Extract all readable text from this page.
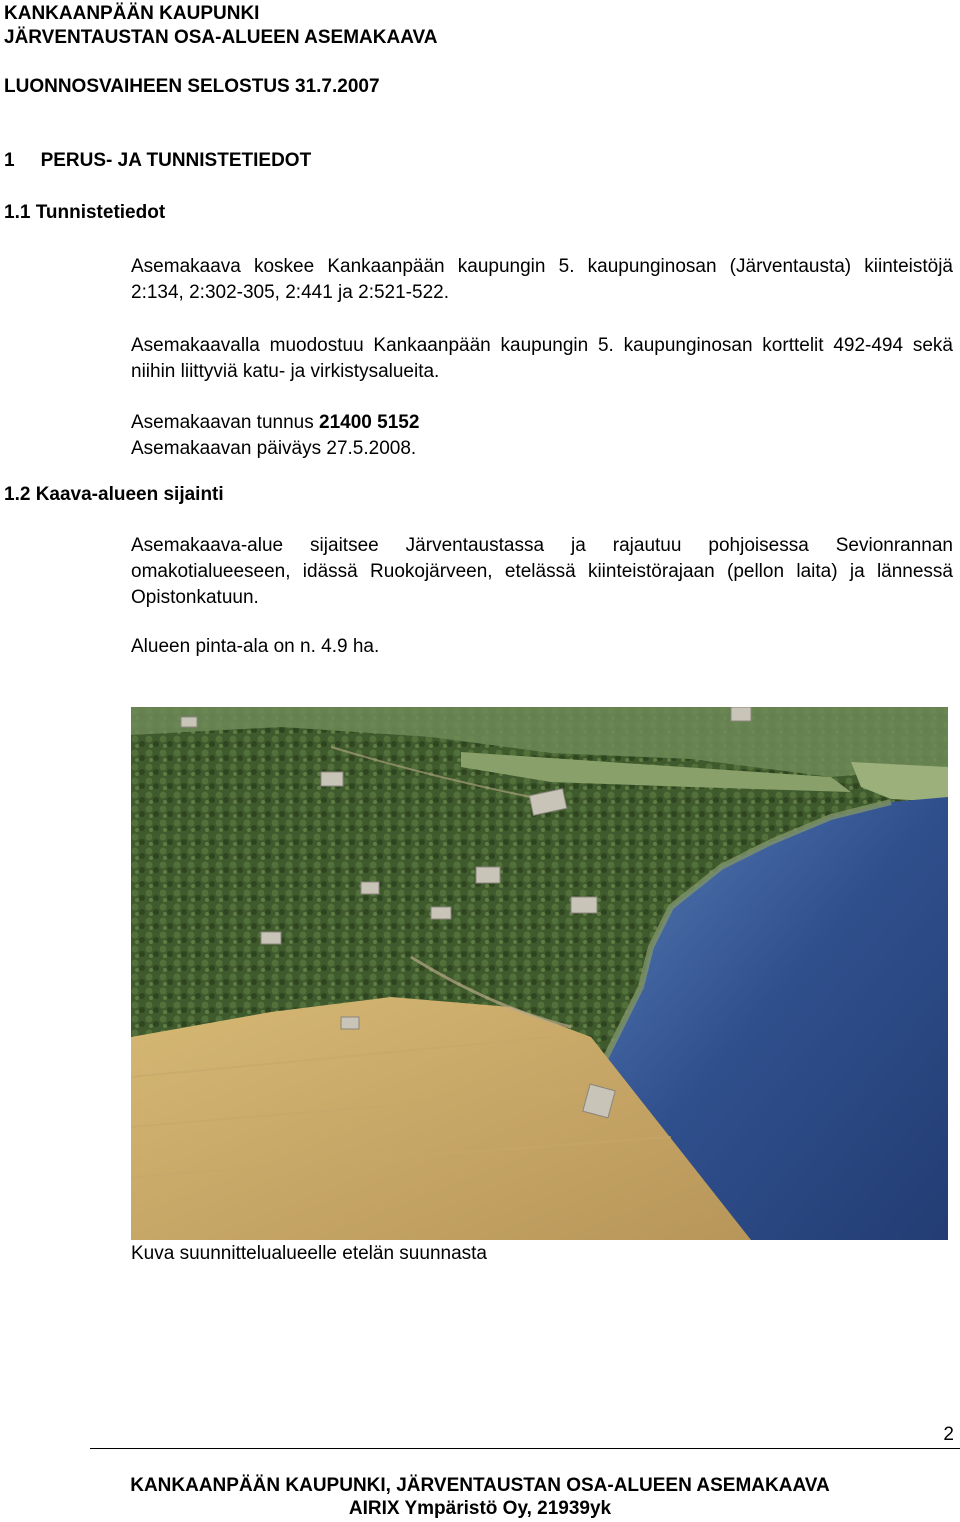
KANKAANPÄÄN KAUPUNKI
JÄRVENTAUSTAN OSA-ALUEEN ASEMAKAAVA
LUONNOSVAIHEEN SELOSTUS 31.7.2007
1 PERUS- JA TUNNISTETIEDOT
1.1 Tunnistetiedot
Asemakaava koskee Kankaanpään kaupungin 5. kaupunginosan (Järventausta) kiinteistöjä 2:134, 2:302-305, 2:441 ja 2:521-522.
Asemakaavalla muodostuu Kankaanpään kaupungin 5. kaupunginosan korttelit 492-494 sekä niihin liittyviä katu- ja virkistysalueita.
Asemakaavan tunnus 21400 5152
Asemakaavan päiväys 27.5.2008.
1.2 Kaava-alueen sijainti
Asemakaava-alue sijaitsee Järventaustassa ja rajautuu pohjoisessa Sevionrannan omakotialueeseen, idässä Ruokojärveen, etelässä kiinteistörajaan (pellon laita) ja lännessä Opistonkatuun.
Alueen pinta-ala on n. 4.9 ha.
Kuva suunnittelualueelle etelän suunnasta
2
KANKAANPÄÄN KAUPUNKI, JÄRVENTAUSTAN OSA-ALUEEN ASEMAKAAVA
AIRIX Ympäristö Oy, 21939yk
